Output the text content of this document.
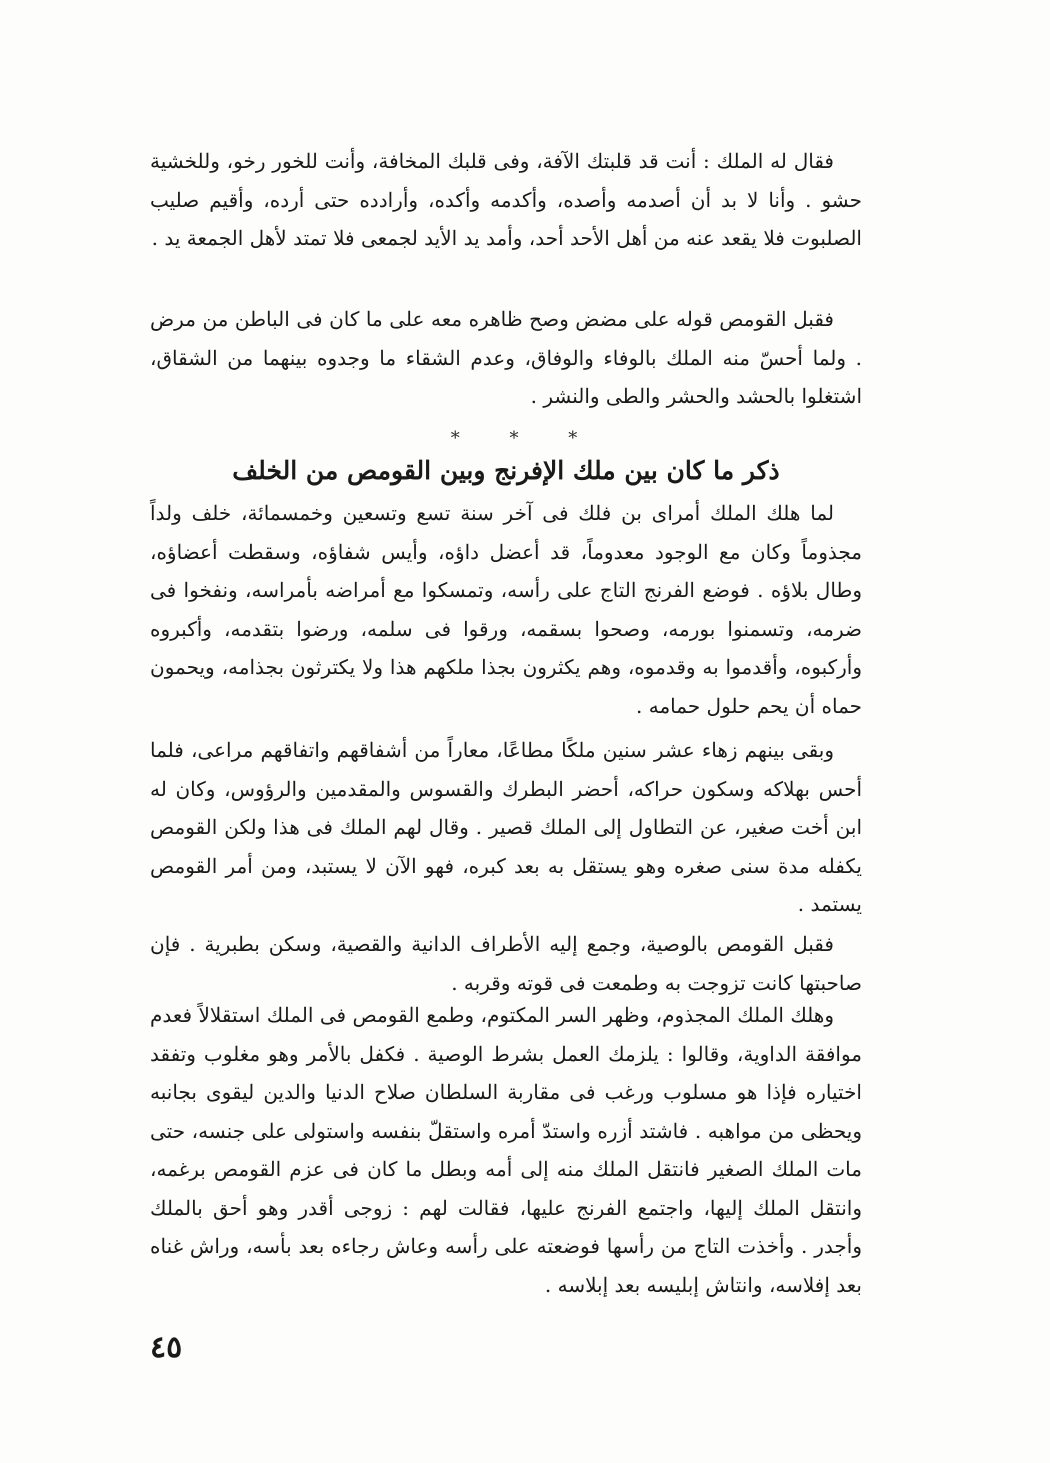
فقال له الملك : أنت قد قلبتك الآفة، وفى قلبك المخافة، وأنت للخور رخو، وللخشية حشو . وأنا لا بد أن أصدمه وأصده، وأكدمه وأكده، وأرادده حتى أرده، وأقيم صليب الصلبوت فلا يقعد عنه من أهل الأحد أحد، وأمد يد الأيد لجمعى فلا تمتد لأهل الجمعة يد .

فقبل القومص قوله على مضض وصح ظاهره معه على ما كان فى الباطن من مرض . ولما أحسّ منه الملك بالوفاء والوفاق، وعدم الشقاء ما وجدوه بينهما من الشقاق، اشتغلوا بالحشد والحشر والطى والنشر .

* * *
ذكر ما كان بين ملك الإفرنج وبين القومص من الخلف

لما هلك الملك أمراى بن فلك فى آخر سنة تسع وتسعين وخمسمائة، خلف ولداً مجذوماً وكان مع الوجود معدوماً، قد أعضل داؤه، وأيس شفاؤه، وسقطت أعضاؤه، وطال بلاؤه . فوضع الفرنج التاج على رأسه، وتمسكوا مع أمراضه بأمراسه، ونفخوا فى ضرمه، وتسمنوا بورمه، وصحوا بسقمه، ورقوا فى سلمه، ورضوا بتقدمه، وأكبروه وأركبوه، وأقدموا به وقدموه، وهم يكثرون بجذا ملكهم هذا ولا يكترثون بجذامه، ويحمون حماه أن يحم حلول حمامه .

وبقى بينهم زهاء عشر سنين ملكًا مطاعًا، معاراً من أشفاقهم واتفاقهم مراعى، فلما أحس بهلاكه وسكون حراكه، أحضر البطرك والقسوس والمقدمين والرؤوس، وكان له ابن أخت صغير، عن التطاول إلى الملك قصير . وقال لهم الملك فى هذا ولكن القومص يكفله مدة سنى صغره وهو يستقل به بعد كبره، فهو الآن لا يستبد، ومن أمر القومص يستمد .

فقبل القومص بالوصية، وجمع إليه الأطراف الدانية والقصية، وسكن بطبرية . فإن صاحبتها كانت تزوجت به وطمعت فى قوته وقربه .

وهلك الملك المجذوم، وظهر السر المكتوم، وطمع القومص فى الملك استقلالاً فعدم موافقة الداوية، وقالوا : يلزمك العمل بشرط الوصية . فكفل بالأمر وهو مغلوب وتفقد اختياره فإذا هو مسلوب ورغب فى مقاربة السلطان صلاح الدنيا والدين ليقوى بجانبه ويحظى من مواهبه . فاشتد أزره واستدّ أمره واستقلّ بنفسه واستولى على جنسه، حتى مات الملك الصغير فانتقل الملك منه إلى أمه وبطل ما كان فى عزم القومص برغمه، وانتقل الملك إليها، واجتمع الفرنج عليها، فقالت لهم : زوجى أقدر وهو أحق بالملك وأجدر . وأخذت التاج من رأسها فوضعته على رأسه وعاش رجاءه بعد بأسه، وراش غناه بعد إفلاسه، وانتاش إبليسه بعد إبلاسه .

٤٥
